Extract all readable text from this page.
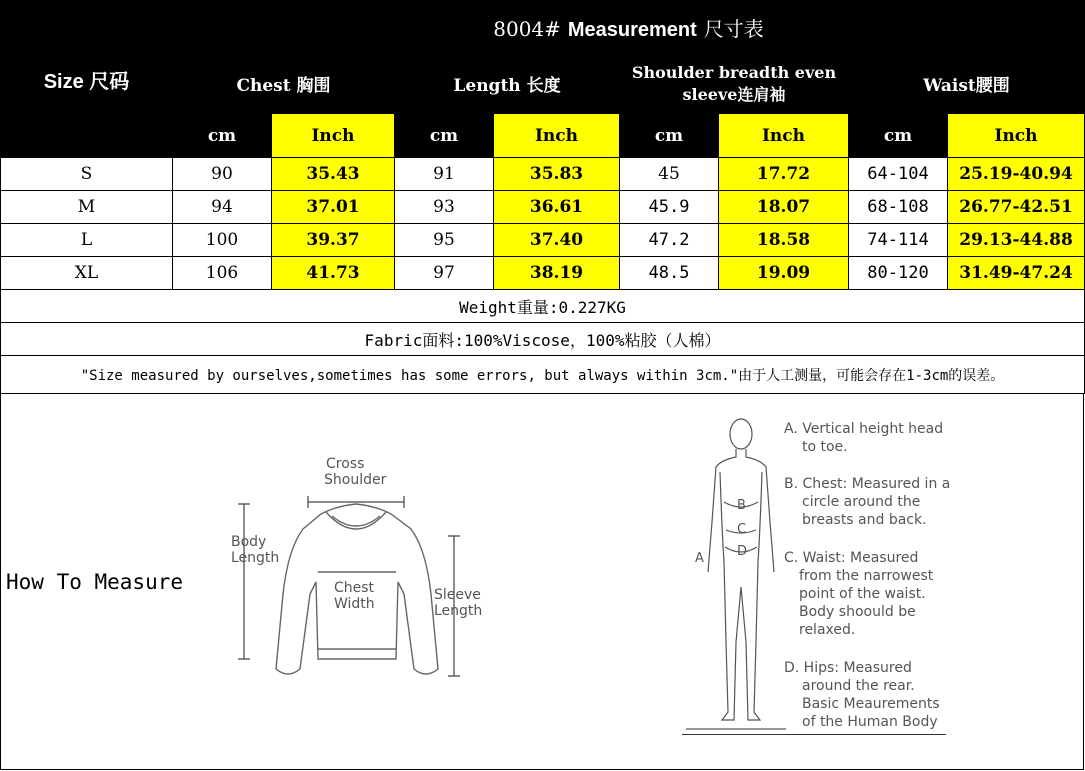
Size 尺码	8004# Measurement 尺寸表							
	Chest 胸围		Length 长度		Shoulder breadth even
sleeve连肩袖		Waist腰围	
	cm	Inch	cm	Inch	cm	Inch	cm	Inch
S	90	35.43	91	35.83	45	17.72	64-104	25.19-40.94
M	94	37.01	93	36.61	45.9	18.07	68-108	26.77-42.51
L	100	39.37	95	37.40	47.2	18.58	74-114	29.13-44.88
XL	106	41.73	97	38.19	48.5	19.09	80-120	31.49-47.24
Weight重量:0.227KG								
Fabric面料:100%Viscose，100%粘胶（人棉）								
"Size measured by ourselves,sometimes has some errors, but always within 3cm."由于人工测量，可能会存在1-3cm的误差。								
How To Measure
Cross
Shoulder
Body
Length
Chest
Width
Sleeve
Length
B
C
D
A
A. Vertical height head
to toe.
B. Chest: Measured in a
circle around the
breasts and back.
C. Waist: Measured
from the narrowest
point of the waist.
Body shoould be
relaxed.
D. Hips: Measured
around the rear.
Basic Meaurements
of the Human Body
